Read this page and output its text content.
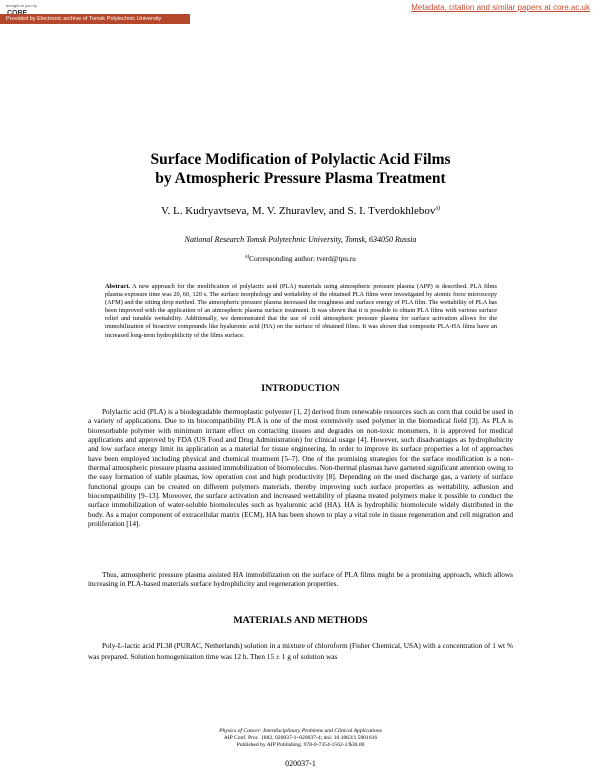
brought to you by	Metadata, citation and similar papers at core.ac.uk
Provided by Electronic archive of Tomsk Polytechnic University
Surface Modification of Polylactic Acid Films
by Atmospheric Pressure Plasma Treatment
V. L. Kudryavtseva, M. V. Zhuravlev, and S. I. Tverdokhlebov$^{a)}$
National Research Tomsk Polytechnic University, Tomsk, 634050 Russia
$^{a)}$Corresponding author: tverd@tpu.ru
Abstract. A new approach for the modification of polylactic acid (PLA) materials using atmospheric pressure plasma (APP) is described. PLA films plasma exposure time was 20, 60, 120 s. The surface morphology and wettability of the obtained PLA films were investigated by atomic force microscopy (AFM) and the sitting drop method. The atmospheric pressure plasma increased the roughness and surface energy of PLA film. The wettability of PLA has been improved with the application of an atmospheric plasma surface treatment. It was shown that it is possible to obtain PLA films with various surface relief and tunable wettability. Additionally, we demonstrated that the use of cold atmospheric pressure plasma for surface activation allows for the immobilization of bioactive compounds like hyaluronic acid (HA) on the surface of obtained films. It was shown that composite PLA-HA films have an increased long-term hydrophilicity of the films surface.
INTRODUCTION
Polylactic acid (PLA) is a biodegradable thermoplastic polyester [1, 2] derived from renewable resources such as corn that could be used in a variety of applications. Due to its biocompatibility PLA is one of the most extensively used polymer in the biomedical field [3]. As PLA is bioresorbable polymer with minimum irritant effect on contacting tissues and degrades on non-toxic monomers, it is approved for medical applications and approved by FDA (US Food and Drug Administration) for clinical usage [4]. However, such disadvantages as hydrophobicity and low surface energy limit its application as a material for tissue engineering. In order to improve its surface properties a lot of approaches have been employed including physical and chemical treatment [5–7]. One of the promising strategies for the surface modification is a non-thermal atmospheric pressure plasma assisted immobilization of biomolecules. Non-thermal plasmas have garnered significant attention owing to the easy formation of stable plasmas, low operation cost and high productivity [8]. Depending on the used discharge gas, a variety of surface functional groups can be created on different polymers materials, thereby improving such surface properties as wettability, adhesion and biocompatibility [9–13]. Moreover, the surface activation and increased wettability of plasma treated polymers make it possible to conduct the surface immobilization of water-soluble biomolecules such as hyaluronic acid (HA). HA is hydrophilic biomolecule widely distributed in the body. As a major component of extracellular matrix (ECM), HA has been shown to play a vital role in tissue regeneration and cell migration and proliferation [14].
Thus, atmospheric pressure plasma assisted HA immobilization on the surface of PLA films might be a promising approach, which allows increasing in PLA-based materials surface hydrophilicity and regeneration properties.
MATERIALS AND METHODS
Poly-L-lactic acid PL38 (PURAC, Netherlands) solution in a mixture of chloroform (Fisher Chemical, USA) with a concentration of 1 wt % was prepared. Solution homogenization time was 12 h. Then 15 ± 1 g of solution was
Physics of Cancer: Interdisciplinary Problems and Clinical Applications
AIP Conf. Proc. 1882, 020037-1–020037-4; doi: 10.1063/1.5001616
Published by AIP Publishing. 978-0-7354-1562-1/$30.00
020037-1
